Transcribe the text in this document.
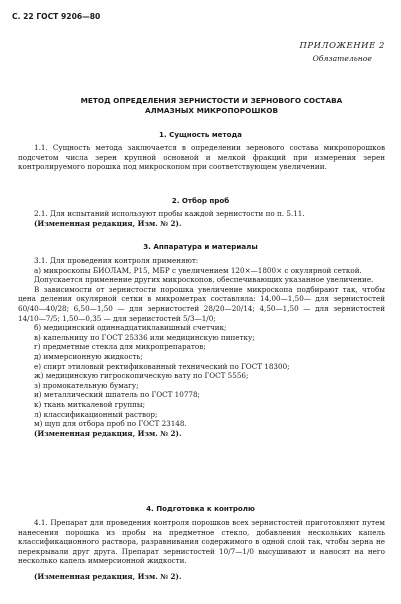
С. 22 ГОСТ 9206—80
ПРИЛОЖЕНИЕ 2
Обязательное
МЕТОД ОПРЕДЕЛЕНИЯ ЗЕРНИСТОСТИ И ЗЕРНОВОГО СОСТАВА
АЛМАЗНЫХ МИКРОПОРОШКОВ
1. Сущность метода

1.1. Сущность метода заключается в определении зернового состава микропорошков подсчетом числа зерен крупной основной и мелкой фракций при измерения зерен контролируемого порошка под микроскопом при соответствующем увеличении.

2. Отбор проб

2.1. Для испытаний используют пробы каждой зернистости по п. 5.11.

(Измененная редакция, Изм. № 2).

3. Аппаратура и материалы

3.1. Для проведения контроля применяют:

а) микроскопы БИОЛАМ, Р15, МБР с увеличением 120×—1800× с окулярной сеткой.

Допускается применение других микроскопов, обеспечивающих указанное увеличение.

В зависимости от зернистости порошка увеличение микроскопа подбирают так, чтобы цена деления окулярной сетки в микрометрах составляла: 14,00—1,50— для зернистостей 60/40—40/28; 6,50—1,50 — для зернистостей 28/20—20/14; 4,50—1,50 — для зернистостей 14/10—7/5; 1,50—0,35 — для зернистостей 5/3—1/0;

б) медицинский одиннадцатиклавишный счетчик;

в) капельницу по ГОСТ 25336 или медицинскую пипетку;

г) предметные стекла для микропрепаратов;

д) иммерсионную жидкость;

е) спирт этиловый ректификованный технический по ГОСТ 18300;

ж) медицинскую гигроскопическую вату по ГОСТ 5556;

з) промокательную бумагу;

и) металлический шпатель по ГОСТ 10778;

к) ткань миткалевой группы;

л) классификационный раствор;

м) щуп для отбора проб по ГОСТ 23148.

(Измененная редакция, Изм. № 2).

4. Подготовка к контролю

4.1. Препарат для проведения контроля порошков всех зернистостей приготовляют путем нанесения порошка из пробы на предметное стекло, добавления нескольких капель классификационного раствора, разравнивания содержимого в одной слой так, чтобы зерна не перекрывали друг друга. Препарат зернистостей 10/7—1/0 высушивают и наносят на него несколько капель иммерсионной жидкости.

(Измененная редакция, Изм. № 2).
